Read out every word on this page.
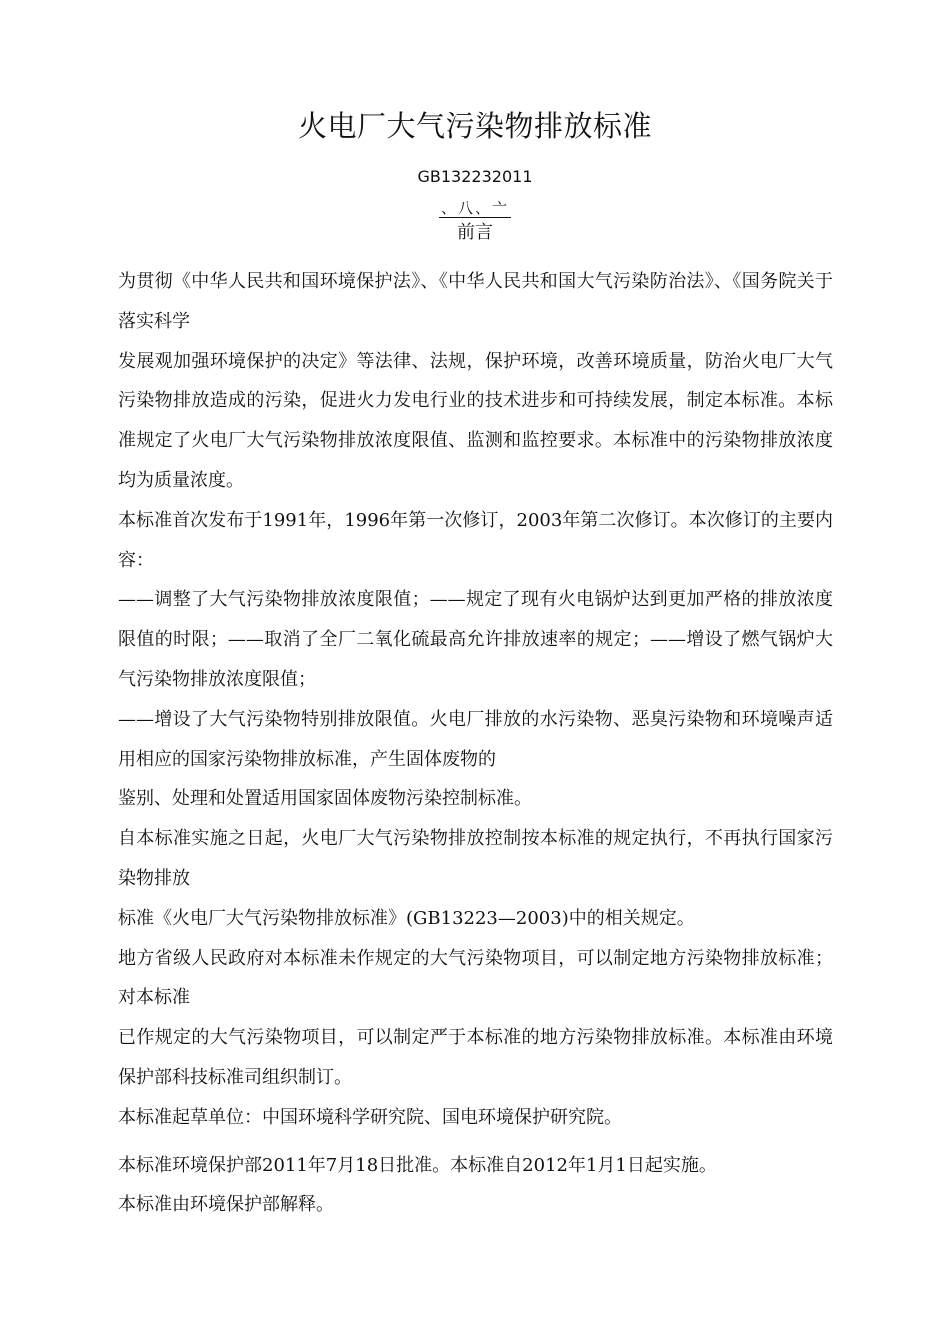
火电厂大气污染物排放标准
GB132232011
、八、亠
前言

为贯彻《中华人民共和国环境保护法》、《中华人民共和国大气污染防治法》、《国务院关于落实科学

发展观加强环境保护的决定》等法律、法规，保护环境，改善环境质量，防治火电厂大气污染物排放造成的污染，促进火力发电行业的技术进步和可持续发展，制定本标准。本标准规定了火电厂大气污染物排放浓度限值、监测和监控要求。本标准中的污染物排放浓度均为质量浓度。

本标准首次发布于1991年，1996年第一次修订，2003年第二次修订。本次修订的主要内容：

——调整了大气污染物排放浓度限值；——规定了现有火电锅炉达到更加严格的排放浓度限值的时限；——取消了全厂二氧化硫最高允许排放速率的规定；——增设了燃气锅炉大气污染物排放浓度限值；

——增设了大气污染物特别排放限值。火电厂排放的水污染物、恶臭污染物和环境噪声适用相应的国家污染物排放标准，产生固体废物的

鉴别、处理和处置适用国家固体废物污染控制标准。

自本标准实施之日起，火电厂大气污染物排放控制按本标准的规定执行，不再执行国家污染物排放

标准《火电厂大气污染物排放标准》(GB13223—2003)中的相关规定。

地方省级人民政府对本标准未作规定的大气污染物项目，可以制定地方污染物排放标准；对本标准

已作规定的大气污染物项目，可以制定严于本标准的地方污染物排放标准。本标准由环境保护部科技标准司组织制订。

本标准起草单位：中国环境科学研究院、国电环境保护研究院。

本标准环境保护部2011年7月18日批准。本标准自2012年1月1日起实施。

本标准由环境保护部解释。
